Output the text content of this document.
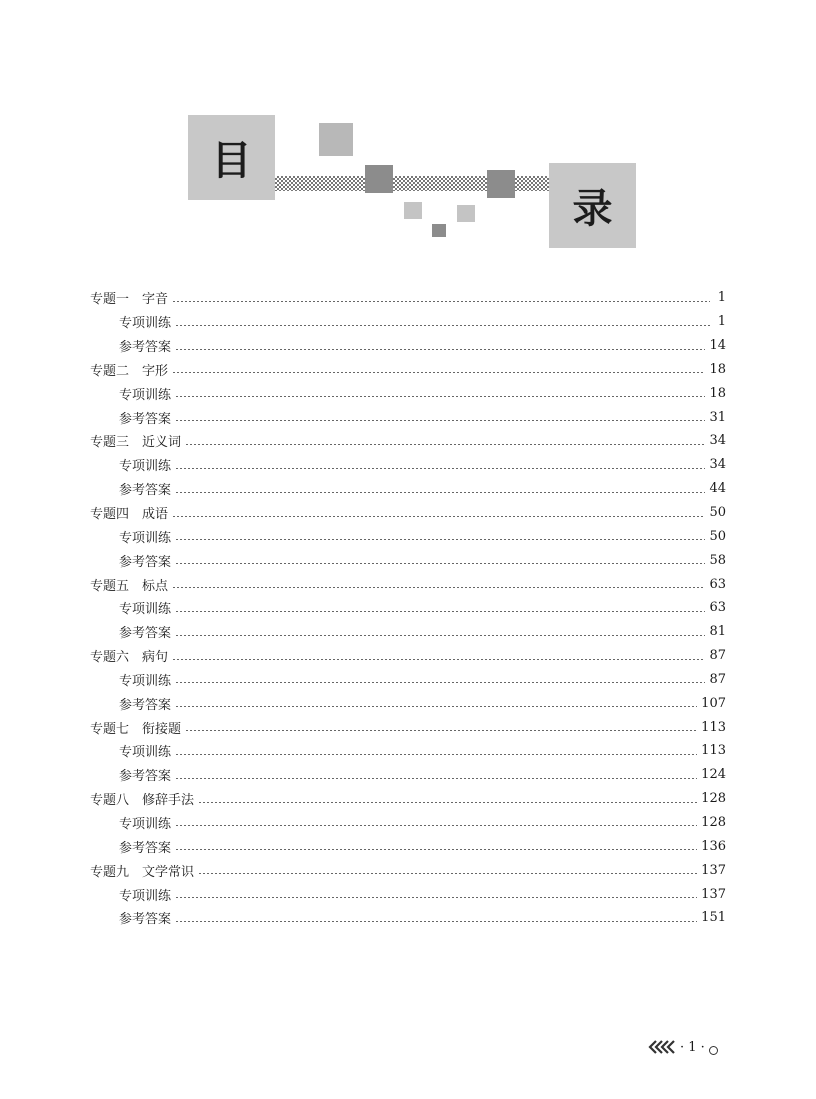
目
录
专题一　字音	1
专项训练	1
参考答案	14
专题二　字形	18
专项训练	18
参考答案	31
专题三　近义词	34
专项训练	34
参考答案	44
专题四　成语	50
专项训练	50
参考答案	58
专题五　标点	63
专项训练	63
参考答案	81
专题六　病句	87
专项训练	87
参考答案	107
专题七　衔接题	113
专项训练	113
参考答案	124
专题八　修辞手法	128
专项训练	128
参考答案	136
专题九　文学常识	137
专项训练	137
参考答案	151
· 1 ·
